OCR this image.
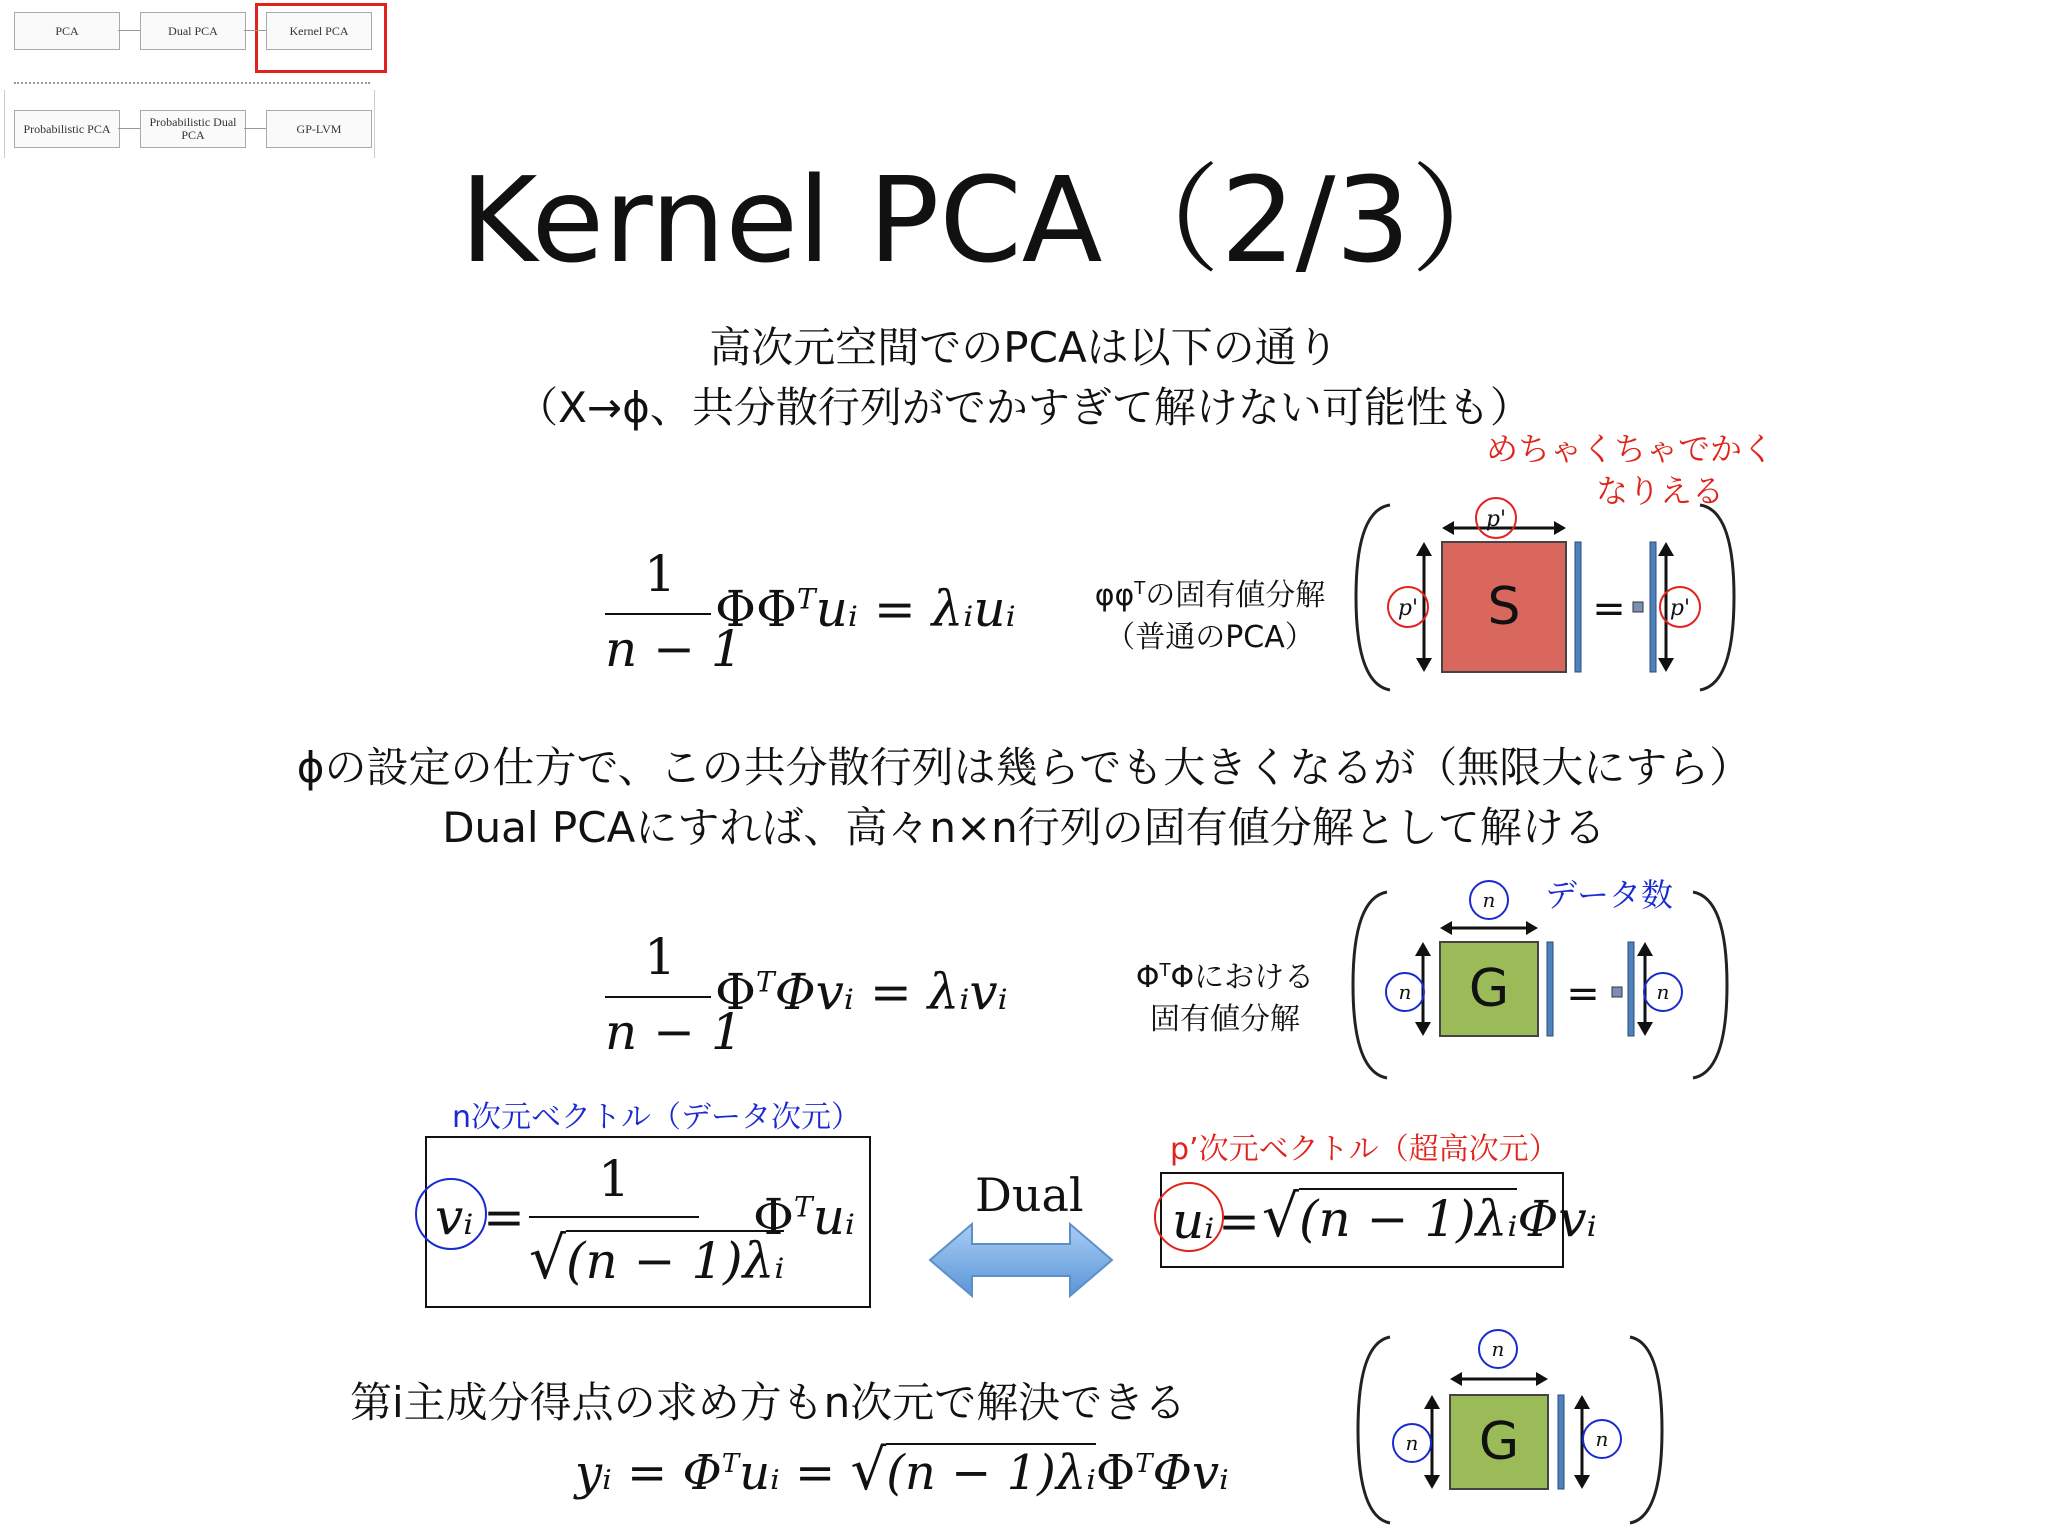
PCA	Dual PCA	Kernel PCA
Probabilistic PCA	Probabilistic Dual PCA	GP-LVM
Kernel PCA（2/3）
高次元空間でのPCAは以下の通り
（X→ϕ、共分散行列がでかすぎて解けない可能性も）
めちゃくちゃでかく
なりえる
1
n − 1
$\Phi\Phi^Tuᵢ$ = λᵢuᵢ	$\varphi\varphi^T$の固有値分解
（普通のPCA）
p'
p'	p'
S =
ϕの設定の仕方で、この共分散行列は幾らでも大きくなるが（無限大にすら）
Dual PCAにすれば、高々n×n行列の固有値分解として解ける
データ数
1
n − 1
$\Phi^T\Phi vᵢ$ = λᵢvᵢ	$\Phi^T\Phi$における
固有値分解
n
n	n
G =
n次元ベクトル（データ次元）
vᵢ =
1
√(n − 1)λᵢ
$\Phi^Tuᵢ$	Dual
p’次元ベクトル（超高次元）
uᵢ = √(n − 1)λᵢΦvᵢ
第i主成分得点の求め方もn次元で解決できる
yᵢ = $\Phi^Tuᵢ = √(n$ − 1)λᵢΦ$^T$Φvᵢ
n
n	n
G
